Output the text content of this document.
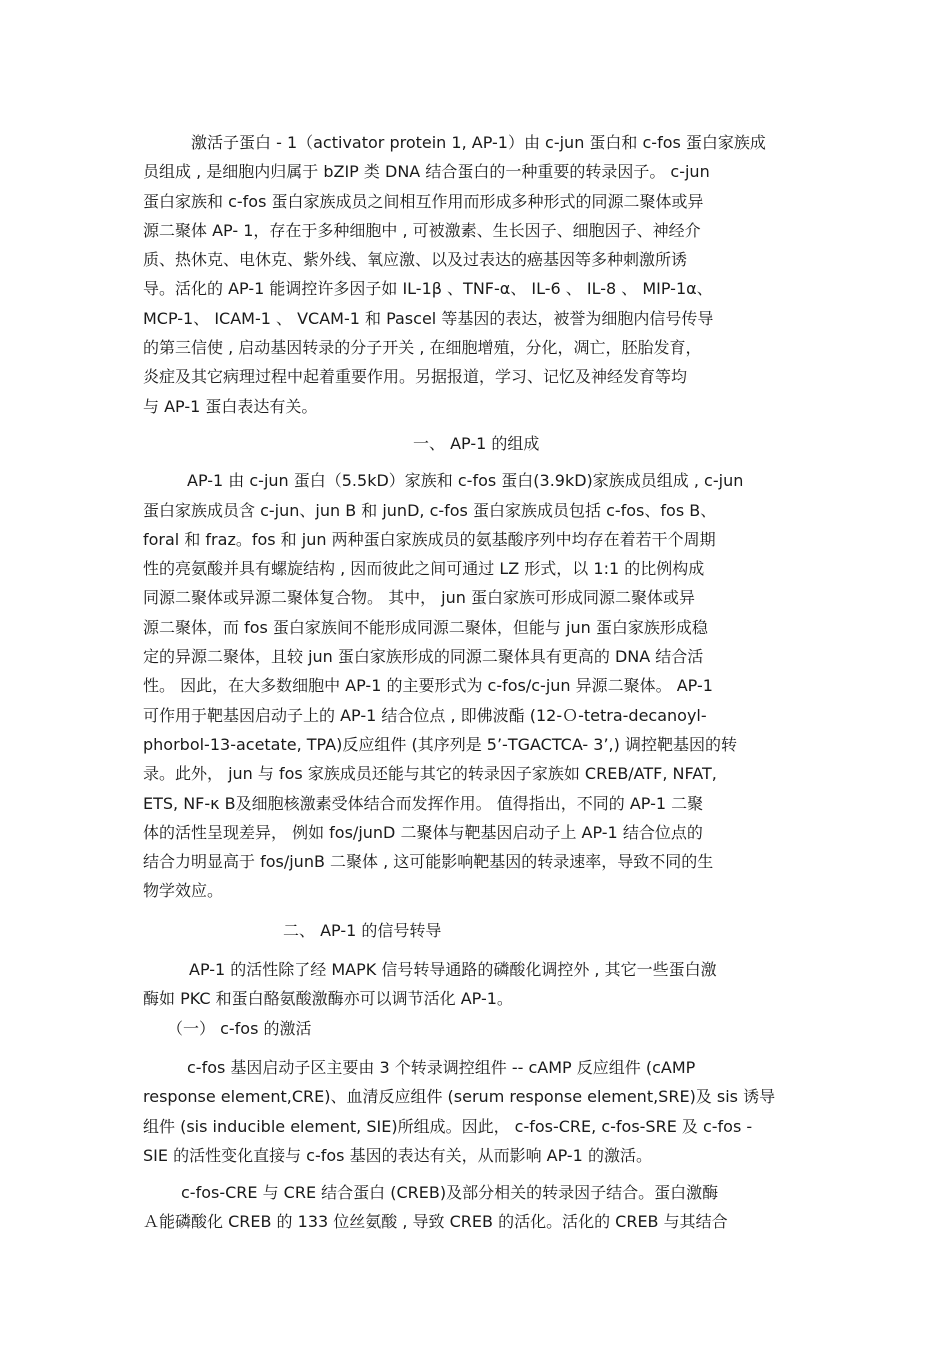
激活子蛋白 - 1（activator protein 1, AP-1）由 c-jun 蛋白和 c-fos 蛋白家族成
员组成 , 是细胞内归属于 bZIP 类 DNA 结合蛋白的一种重要的转录因子。 c-jun
蛋白家族和 c-fos 蛋白家族成员之间相互作用而形成多种形式的同源二聚体或异
源二聚体 AP- 1，存在于多种细胞中 , 可被激素、生长因子、细胞因子、神经介
质、热休克、电休克、紫外线、氧应激、以及过表达的癌基因等多种刺激所诱
导。活化的 AP-1 能调控许多因子如 IL-1β 、TNF-α、 IL-6 、 IL-8 、 MIP-1α、
MCP-1、 ICAM-1 、 VCAM-1 和 Pascel 等基因的表达，被誉为细胞内信号传导
的第三信使 , 启动基因转录的分子开关 , 在细胞增殖，分化，凋亡，胚胎发育，
炎症及其它病理过程中起着重要作用。另据报道，学习、记忆及神经发育等均
与 AP-1 蛋白表达有关。
一、 AP-1 的组成
AP-1 由 c-jun 蛋白（5.5kD）家族和 c-fos 蛋白(3.9kD)家族成员组成 , c-jun
蛋白家族成员含 c-jun、jun B 和 junD, c-fos 蛋白家族成员包括 c-fos、fos B、
foral 和 fraz。fos 和 jun 两种蛋白家族成员的氨基酸序列中均存在着若干个周期
性的亮氨酸并具有螺旋结构 , 因而彼此之间可通过 LZ 形式，以 1:1 的比例构成
同源二聚体或异源二聚体复合物。 其中， jun 蛋白家族可形成同源二聚体或异
源二聚体，而 fos 蛋白家族间不能形成同源二聚体，但能与 jun 蛋白家族形成稳
定的异源二聚体，且较 jun 蛋白家族形成的同源二聚体具有更高的 DNA 结合活
性。 因此，在大多数细胞中 AP-1 的主要形式为 c-fos/c-jun 异源二聚体。 AP-1
可作用于靶基因启动子上的 AP-1 结合位点 , 即佛波酯 (12-Ｏ-tetra-decanoyl-
phorbol-13-acetate, TPA)反应组件 (其序列是 5’-TGACTCA- 3’,) 调控靶基因的转
录。此外， jun 与 fos 家族成员还能与其它的转录因子家族如 CREB/ATF, NFAT,
ETS, NF-κ B及细胞核激素受体结合而发挥作用。 值得指出，不同的 AP-1 二聚
体的活性呈现差异， 例如 fos/junD 二聚体与靶基因启动子上 AP-1 结合位点的
结合力明显高于 fos/junB 二聚体 , 这可能影响靶基因的转录速率，导致不同的生
物学效应。
二、 AP-1 的信号转导
AP-1 的活性除了经 MAPK 信号转导通路的磷酸化调控外 , 其它一些蛋白激
酶如 PKC 和蛋白酪氨酸激酶亦可以调节活化 AP-1。
（一） c-fos 的激活
c-fos 基因启动子区主要由 3 个转录调控组件 -- cAMP 反应组件 (cAMP
response element,CRE)、血清反应组件 (serum response element,SRE)及 sis 诱导
组件 (sis inducible element, SIE)所组成。因此， c-fos-CRE, c-fos-SRE 及 c-fos -
SIE 的活性变化直接与 c-fos 基因的表达有关，从而影响 AP-1 的激活。
c-fos-CRE 与 CRE 结合蛋白 (CREB)及部分相关的转录因子结合。蛋白激酶
Ａ能磷酸化 CREB 的 133 位丝氨酸 , 导致 CREB 的活化。活化的 CREB 与其结合
